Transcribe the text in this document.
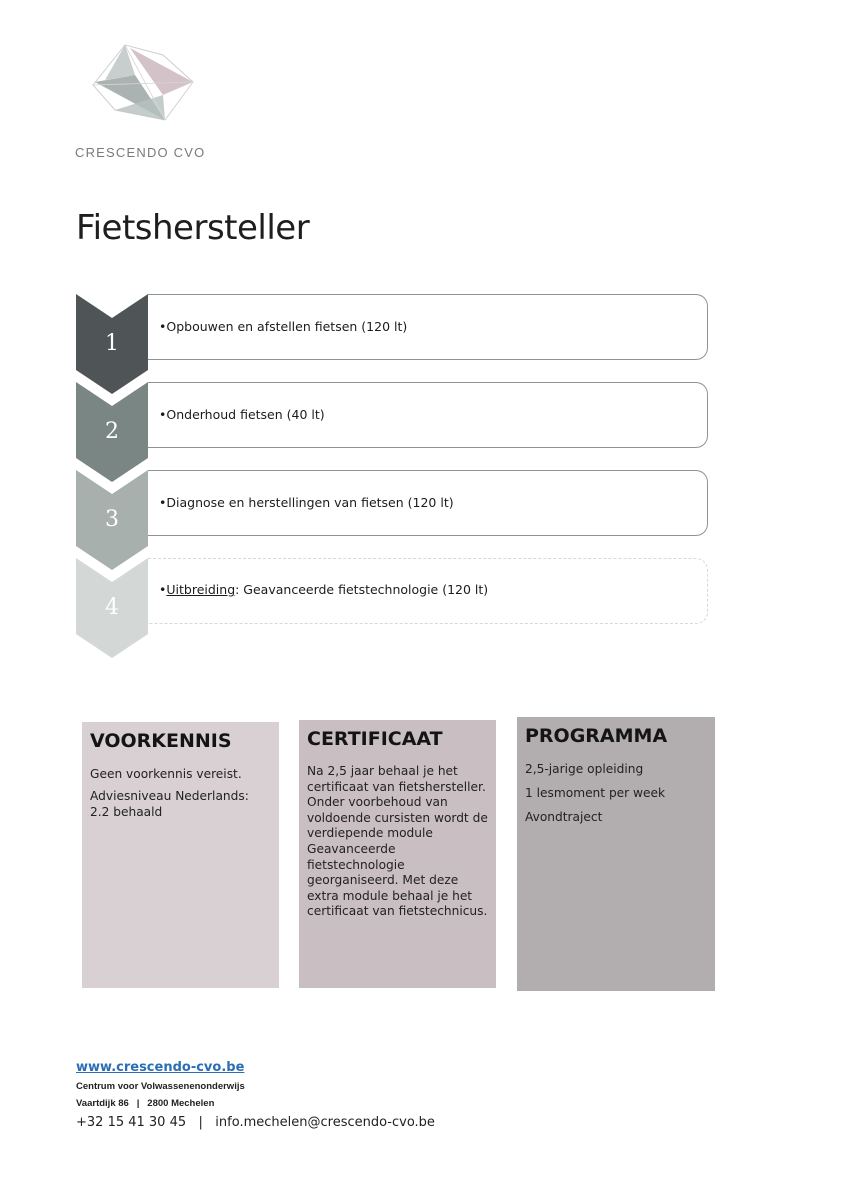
CRESCENDO CVO
Fietshersteller
1
•Opbouwen en afstellen fietsen (120 lt)
2
•Onderhoud fietsen (40 lt)
3
•Diagnose en herstellingen van fietsen (120 lt)
4
•Uitbreiding: Geavanceerde fietstechnologie (120 lt)
VOORKENNIS

Geen voorkennis vereist.

Adviesniveau Nederlands: 2.2 behaald

CERTIFICAAT

Na 2,5 jaar behaal je het certificaat van fietshersteller. Onder voorbehoud van voldoende cursisten wordt de verdiepende module Geavanceerde fietstechnologie georganiseerd. Met deze extra module behaal je het certificaat van fietstechnicus.

PROGRAMMA

2,5-jarige opleiding

1 lesmoment per week

Avondtraject

www.crescendo-cvo.be
Centrum voor Volwassenenonderwijs
Vaartdijk 86   |   2800 Mechelen
+32 15 41 30 45   |   info.mechelen@crescendo-cvo.be
